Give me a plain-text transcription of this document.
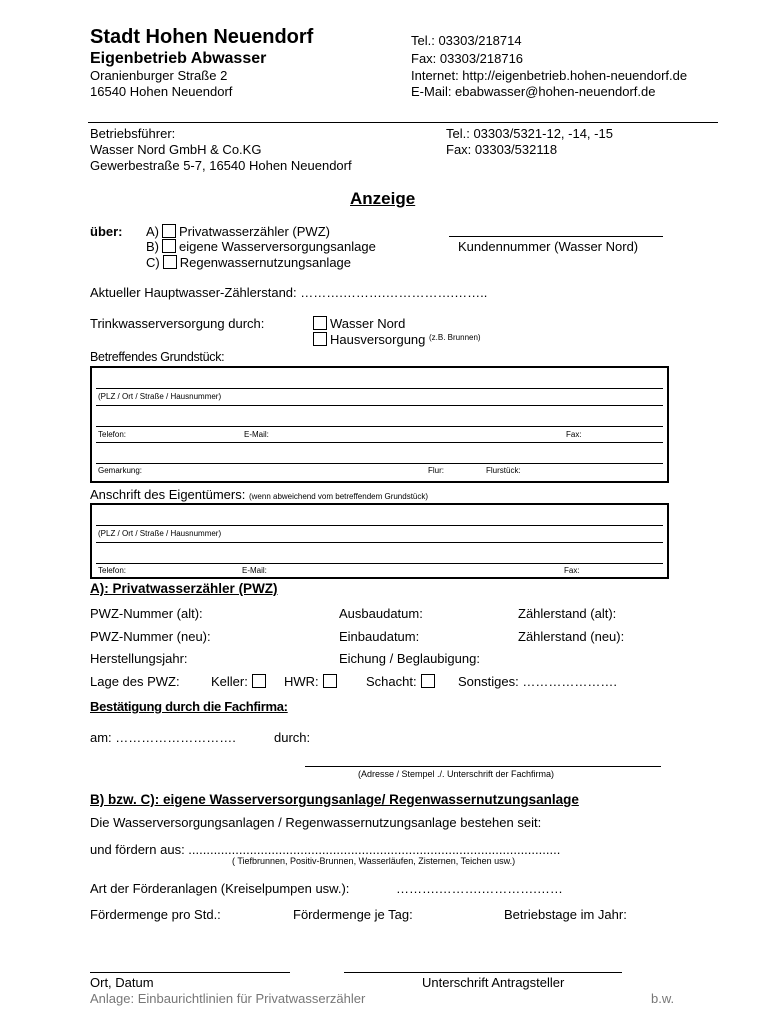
Stadt Hohen Neuendorf
Eigenbetrieb Abwasser
Oranienburger Straße 2
16540 Hohen Neuendorf
Tel.: 03303/218714
Fax: 03303/218716
Internet: http://eigenbetrieb.hohen-neuendorf.de
E-Mail: ebabwasser@hohen-neuendorf.de
Betriebsführer:
Wasser Nord GmbH & Co.KG
Gewerbestraße 5-7, 16540 Hohen Neuendorf
Tel.: 03303/5321-12, -14, -15
Fax: 03303/532118
Anzeige
über: A) Privatwasserzähler (PWZ)
B) eigene Wasserversorgungsanlage
C) Regenwassernutzungsanlage
Kundennummer (Wasser Nord)
Aktueller Hauptwasser-Zählerstand: ……….……….…………….……..
Trinkwasserversorgung durch:	Wasser Nord
Hausversorgung $^{(z.B. Brunnen)}$
Betreffendes Grundstück:
(PLZ / Ort / Straße / Hausnummer)
Telefon:	E-Mail:	Fax:
Gemarkung:	Flur:	Flurstück:
Anschrift des Eigentümers: (wenn abweichend vom betreffendem Grundstück)
(PLZ / Ort / Straße / Hausnummer)
Telefon:	E-Mail:	Fax:
A): Privatwasserzähler (PWZ)
PWZ-Nummer (alt):	Ausbaudatum:	Zählerstand (alt):
PWZ-Nummer (neu):	Einbaudatum:	Zählerstand (neu):
Herstellungsjahr:	Eichung / Beglaubigung:
Lage des PWZ: Keller:	HWR:	Schacht:	Sonstiges: ………………….
Bestätigung durch die Fachfirma:
am: ……………………….	durch:
(Adresse / Stempel ./. Unterschrift der Fachfirma)
B) bzw. C): eigene Wasserversorgungsanlage/ Regenwassernutzungsanlage
Die Wasserversorgungsanlagen / Regenwassernutzungsanlage bestehen seit:
und fördern aus: .......................................................................................................
( Tiefbrunnen, Positiv-Brunnen, Wasserläufen, Zisternen, Teichen usw.)
Art der Förderanlagen (Kreiselpumpen usw.):	……….……….………….……
Fördermenge pro Std.:	Fördermenge je Tag:	Betriebstage im Jahr:
Ort, Datum	Unterschrift Antragsteller
Anlage: Einbaurichtlinien für Privatwasserzähler	b.w.
